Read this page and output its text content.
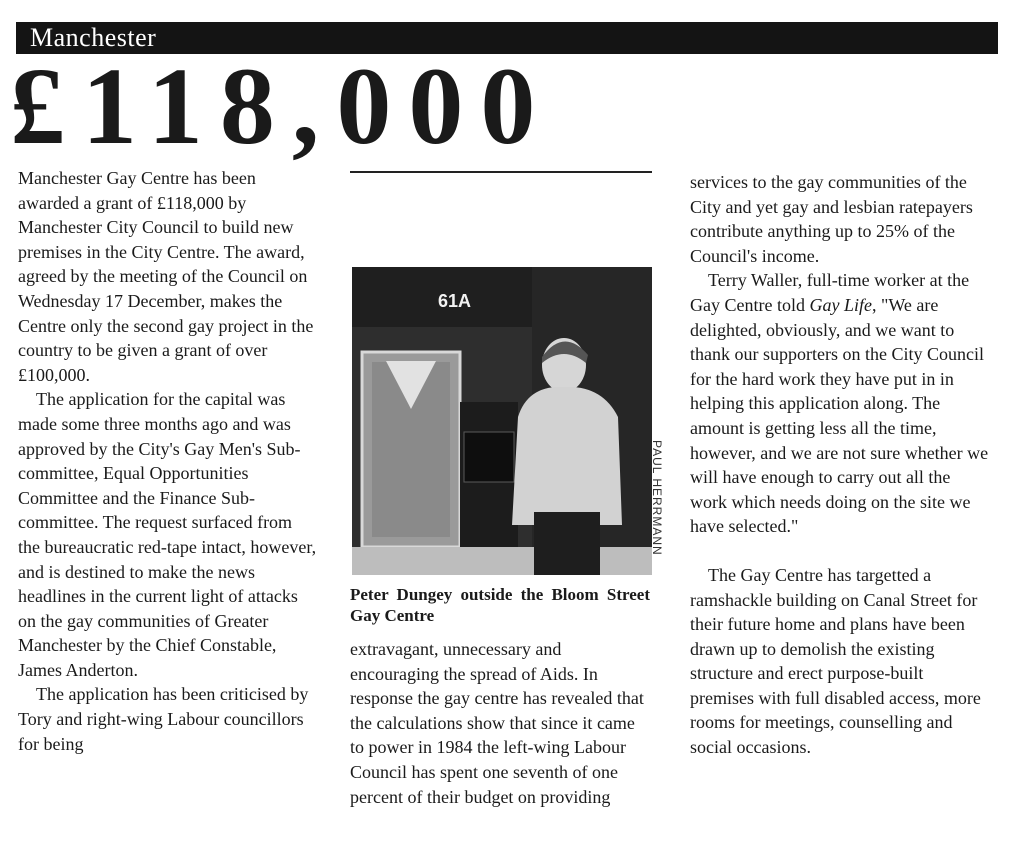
Manchester
£118,000

Manchester Gay Centre has been awarded a grant of £118,000 by Manchester City Council to build new premises in the City Centre. The award, agreed by the meeting of the Council on Wednesday 17 December, makes the Centre only the second gay project in the country to be given a grant of over £100,000.

The application for the capital was made some three months ago and was approved by the City's Gay Men's Sub-committee, Equal Opportunities Committee and the Finance Sub-committee. The request surfaced from the bureaucratic red-tape intact, however, and is destined to make the news headlines in the current light of attacks on the gay communities of Greater Manchester by the Chief Constable, James Anderton.

The application has been criticised by Tory and right-wing Labour councillors for being

61A
PAUL HERRMANN
Peter Dungey outside the Bloom Street Gay Centre

extravagant, unnecessary and encouraging the spread of Aids. In response the gay centre has revealed that the calculations show that since it came to power in 1984 the left-wing Labour Council has spent one seventh of one percent of their budget on providing

services to the gay communities of the City and yet gay and lesbian ratepayers contribute anything up to 25% of the Council's income.

Terry Waller, full-time worker at the Gay Centre told Gay Life, "We are delighted, obviously, and we want to thank our supporters on the City Council for the hard work they have put in in helping this application along. The amount is getting less all the time, however, and we are not sure whether we will have enough to carry out all the work which needs doing on the site we have selected."

The Gay Centre has targetted a ramshackle building on Canal Street for their future home and plans have been drawn up to demolish the existing structure and erect purpose-built premises with full disabled access, more rooms for meetings, counselling and social occasions.
